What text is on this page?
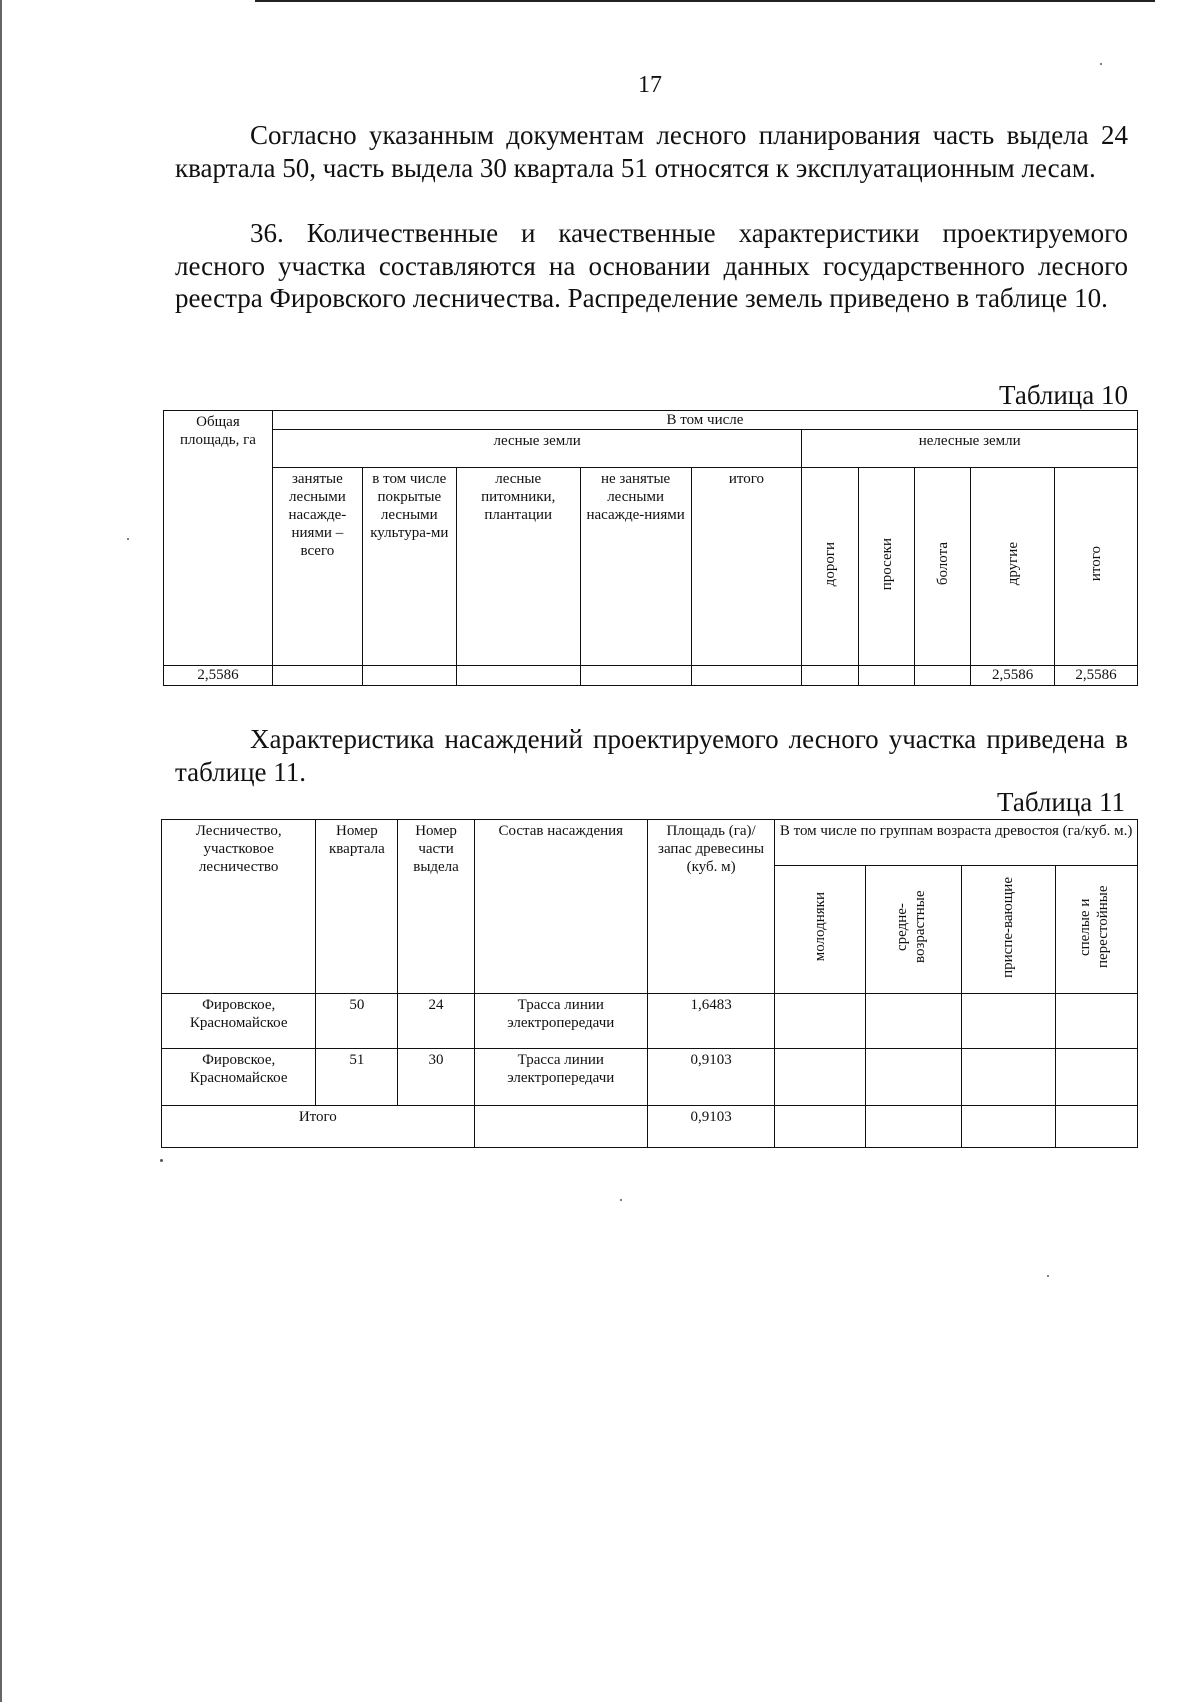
17
Согласно указанным документам лесного планирования часть выдела 24 квартала 50, часть выдела 30 квартала 51 относятся к эксплуатационным лесам.
36. Количественные и качественные характеристики проектируемого лесного участка составляются на основании данных государственного лесного реестра Фировского лесничества. Распределение земель приведено в таблице 10.
Таблица 10
Общая площадь, га	В том числе									
	лесные земли					нелесные земли				
	занятые лесными насажде-ниями – всего	в том числе покрытые лесными культура-ми	лесные питомники, плантации	не занятые лесными насажде-ниями	итого	дороги	просеки	болота	другие	итого
2,5586									2,5586	2,5586
Характеристика насаждений проектируемого лесного участка приведена в таблице 11.
Таблица 11
Лесничество, участковое лесничество	Номер квартала	Номер части выдела	Состав насаждения	Площадь (га)/ запас древесины (куб. м)	В том числе по группам возраста древостоя (га/куб. м.)			
					молодняки	средне-возрастные	приспе-вающие	спелые и перестойные
Фировское, Красномайское	50	24	Трасса линии электропередачи	1,6483				
Фировское, Красномайское	51	30	Трасса линии электропередачи	0,9103				
Итого				0,9103				
